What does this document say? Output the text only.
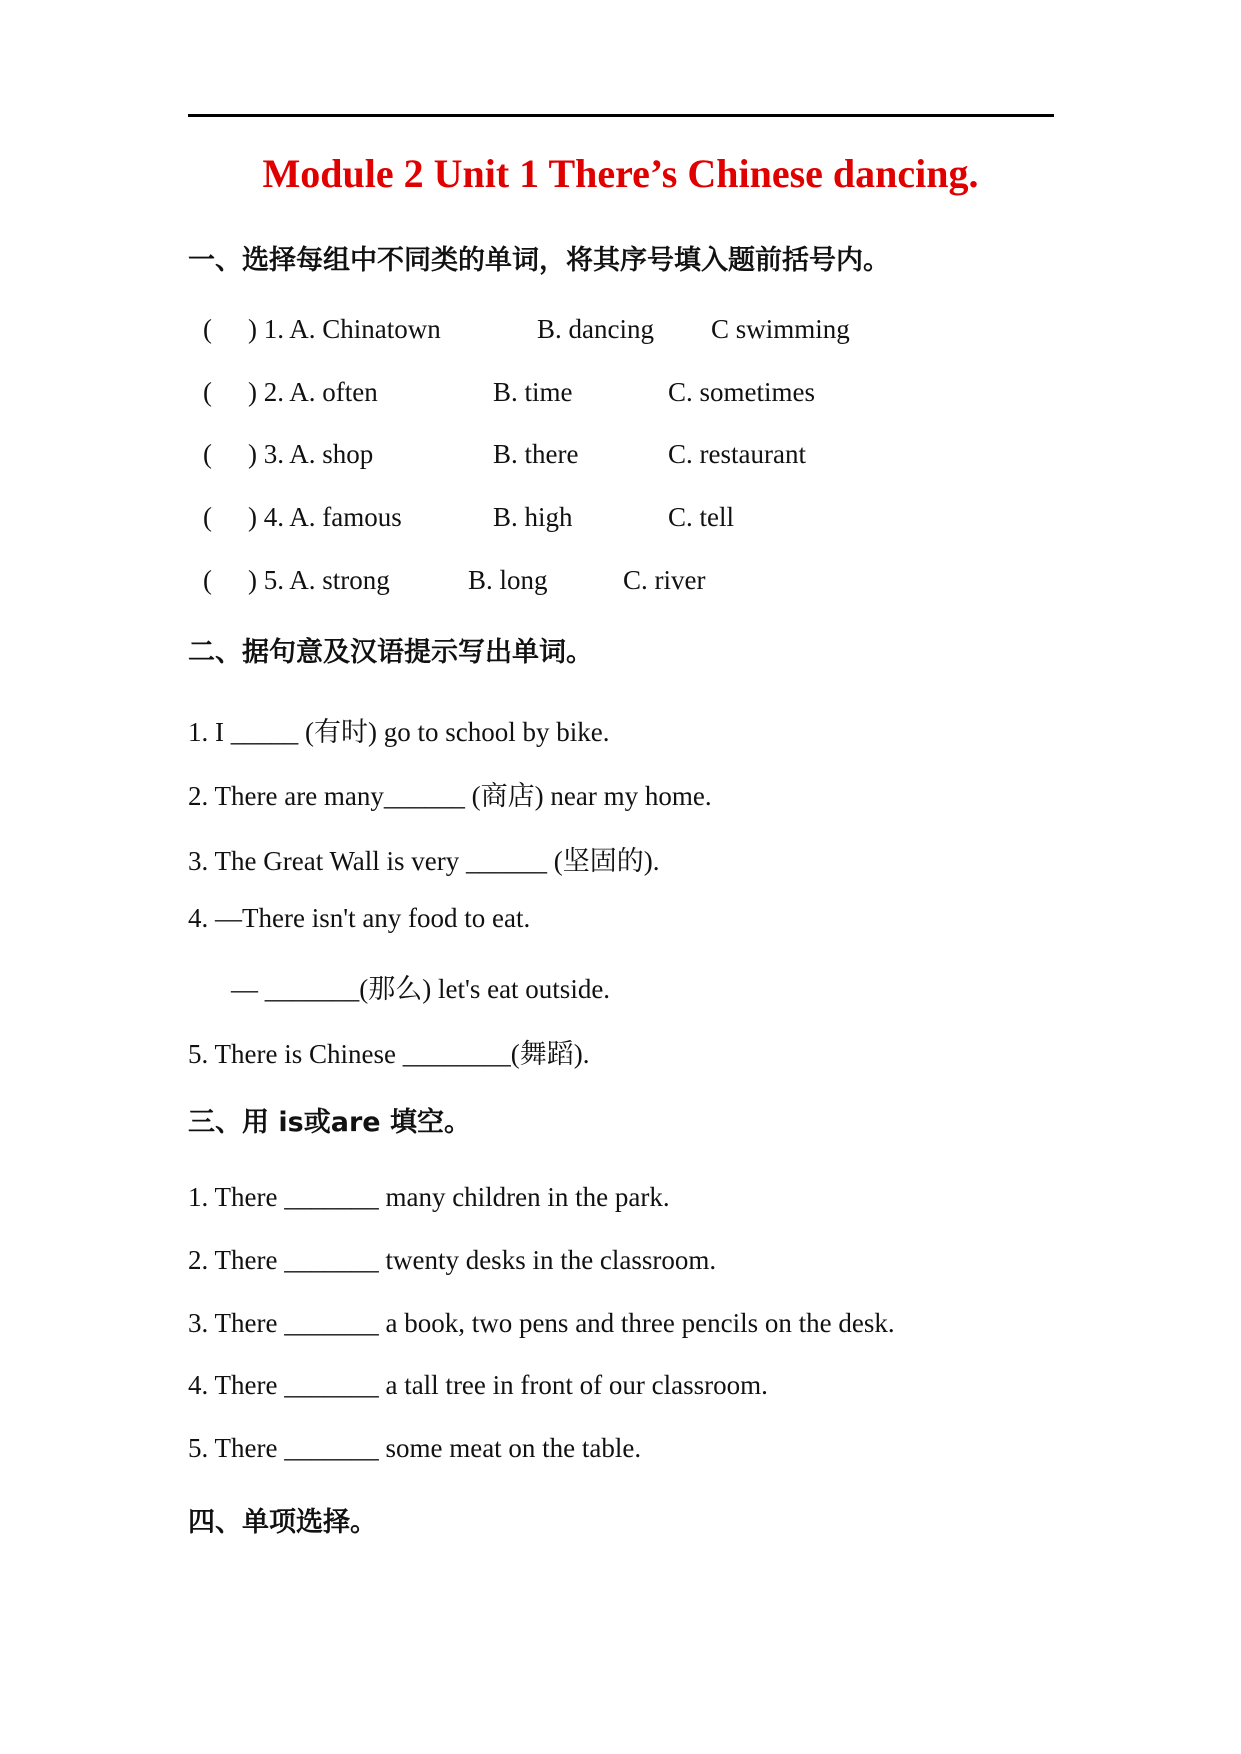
Module 2 Unit 1 There’s Chinese dancing.
一、选择每组中不同类的单词，将其序号填入题前括号内。
( ) 1. A. Chinatown	B. dancing C swimming
( ) 2. A. often	B. time	C. sometimes
( ) 3. A. shop	B. there	C. restaurant
( ) 4. A. famous	B. high	C. tell
( ) 5. A. strong	B. long	C. river
二、据句意及汉语提示写出单词。
1. I _____ (有时) go to school by bike.
2. There are many______ (商店) near my home.
3. The Great Wall is very ______ (坚固的).
4. —There isn't any food to eat.
— _______(那么) let's eat outside.
5. There is Chinese ________(舞蹈).
三、用 is或are 填空。
1. There _______ many children in the park.
2. There _______ twenty desks in the classroom.
3. There _______ a book, two pens and three pencils on the desk.
4. There _______ a tall tree in front of our classroom.
5. There _______ some meat on the table.
四、单项选择。
